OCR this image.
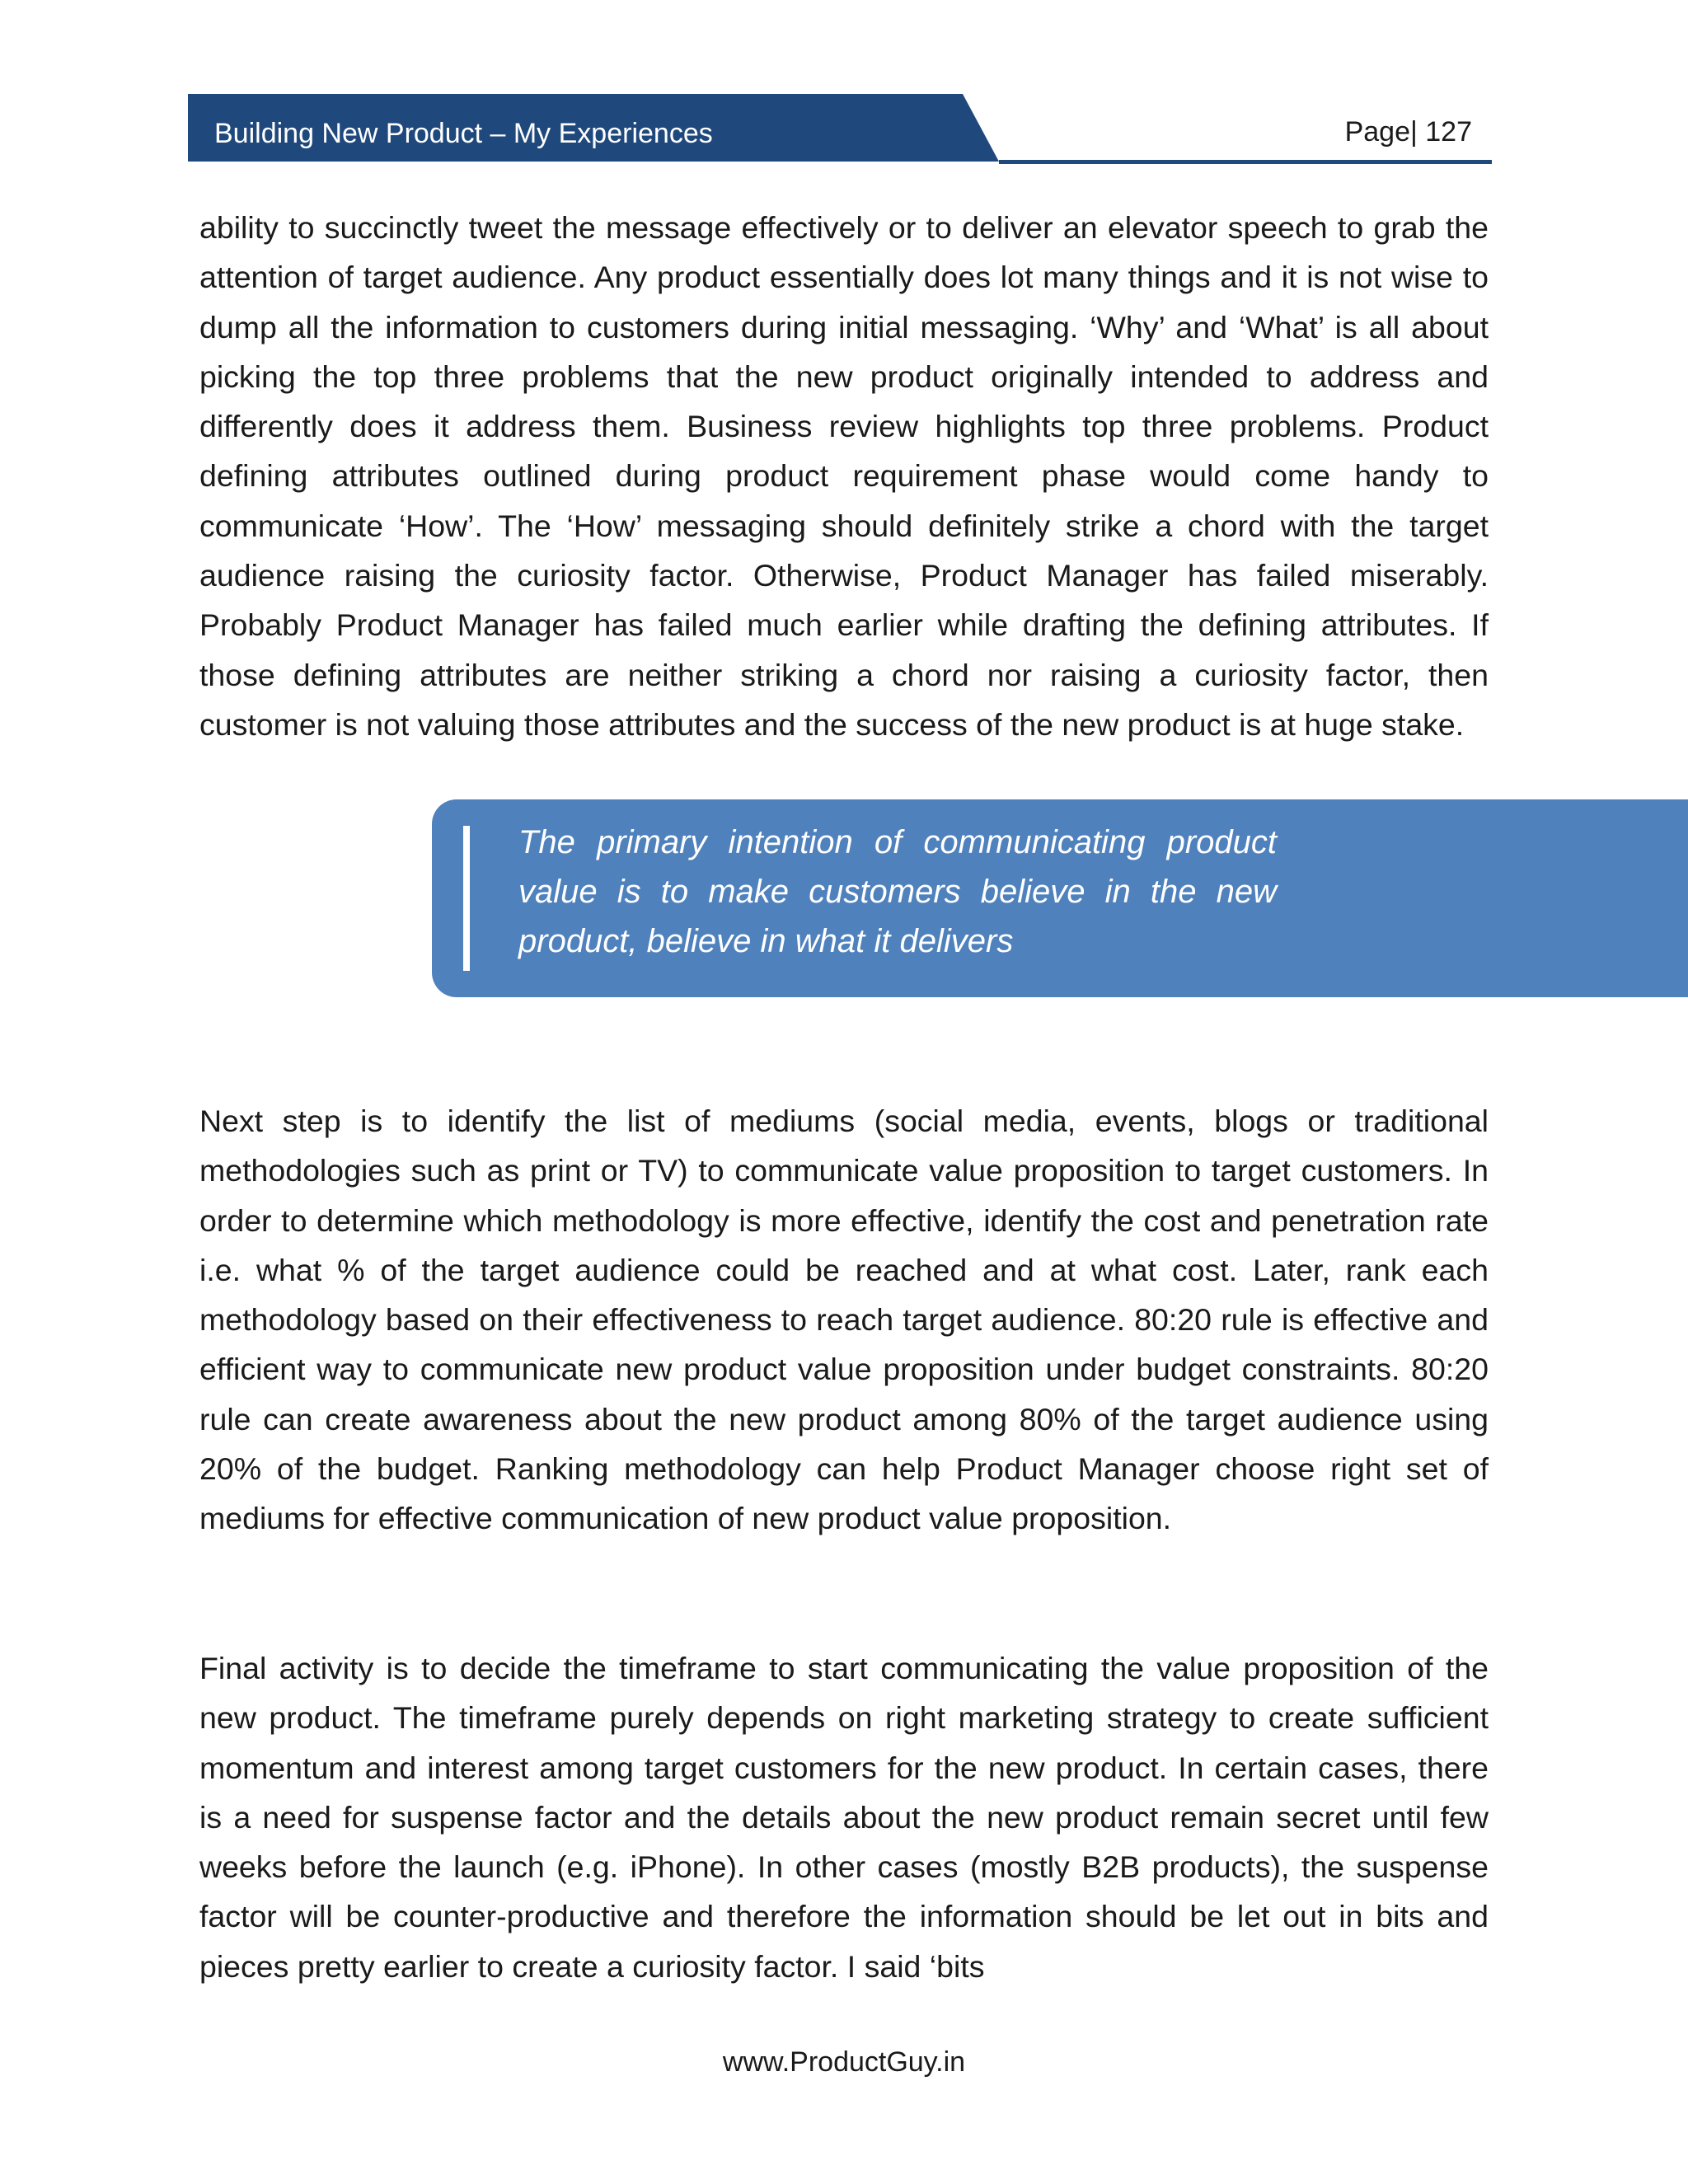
Building New Product – My Experiences	Page| 127

ability to succinctly tweet the message effectively or to deliver an elevator speech to grab the attention of target audience. Any product essentially does lot many things and it is not wise to dump all the information to customers during initial messaging. ‘Why’ and ‘What’ is all about picking the top three problems that the new product originally intended to address and differently does it address them. Business review highlights top three problems. Product defining attributes outlined during product requirement phase would come handy to communicate ‘How’. The ‘How’ messaging should definitely strike a chord with the target audience raising the curiosity factor. Otherwise, Product Manager has failed miserably. Probably Product Manager has failed much earlier while drafting the defining attributes. If those defining attributes are neither striking a chord nor raising a curiosity factor, then customer is not valuing those attributes and the success of the new product is at huge stake.

The primary intention of communicating product value is to make customers believe in the new product, believe in what it delivers

Next step is to identify the list of mediums (social media, events, blogs or traditional methodologies such as print or TV) to communicate value proposition to target customers. In order to determine which methodology is more effective, identify the cost and penetration rate i.e. what % of the target audience could be reached and at what cost. Later, rank each methodology based on their effectiveness to reach target audience. 80:20 rule is effective and efficient way to communicate new product value proposition under budget constraints. 80:20 rule can create awareness about the new product among 80% of the target audience using 20% of the budget. Ranking methodology can help Product Manager choose right set of mediums for effective communication of new product value proposition.

Final activity is to decide the timeframe to start communicating the value proposition of the new product. The timeframe purely depends on right marketing strategy to create sufficient momentum and interest among target customers for the new product. In certain cases, there is a need for suspense factor and the details about the new product remain secret until few weeks before the launch (e.g. iPhone). In other cases (mostly B2B products), the suspense factor will be counter-productive and therefore the information should be let out in bits and pieces pretty earlier to create a curiosity factor. I said ‘bits

www.ProductGuy.in
